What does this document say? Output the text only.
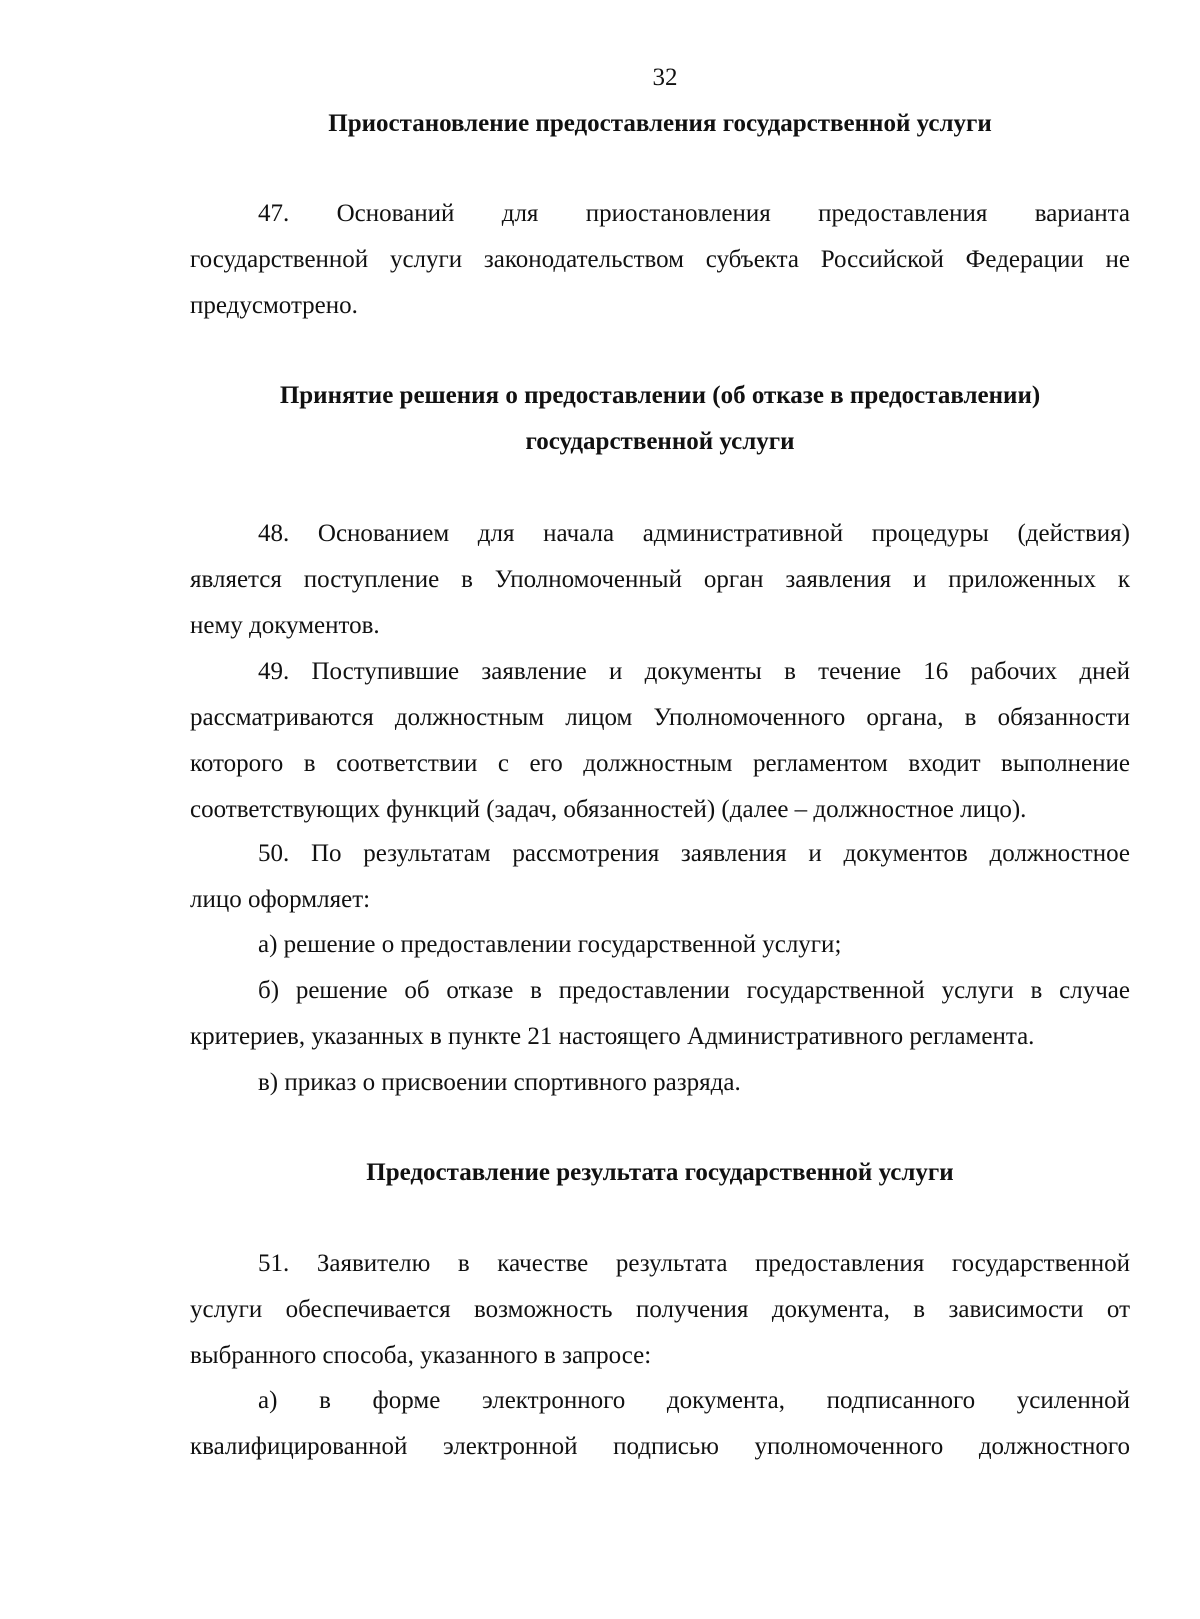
32
Приостановление предоставления государственной услуги
47. Оснований для приостановления предоставления варианта
государственной услуги законодательством субъекта Российской Федерации не
предусмотрено.
Принятие решения о предоставлении (об отказе в предоставлении)
государственной услуги
48. Основанием для начала административной процедуры (действия)
является поступление в Уполномоченный орган заявления и приложенных к
нему документов.
49. Поступившие заявление и документы в течение 16 рабочих дней
рассматриваются должностным лицом Уполномоченного органа, в обязанности
которого в соответствии с его должностным регламентом входит выполнение
соответствующих функций (задач, обязанностей) (далее – должностное лицо).
50. По результатам рассмотрения заявления и документов должностное
лицо оформляет:
а) решение о предоставлении государственной услуги;
б) решение об отказе в предоставлении государственной услуги в случае
критериев, указанных в пункте 21 настоящего Административного регламента.
в) приказ о присвоении спортивного разряда.
Предоставление результата государственной услуги
51. Заявителю в качестве результата предоставления государственной
услуги обеспечивается возможность получения документа, в зависимости от
выбранного способа, указанного в запросе:
а) в форме электронного документа, подписанного усиленной
квалифицированной электронной подписью уполномоченного должностного
